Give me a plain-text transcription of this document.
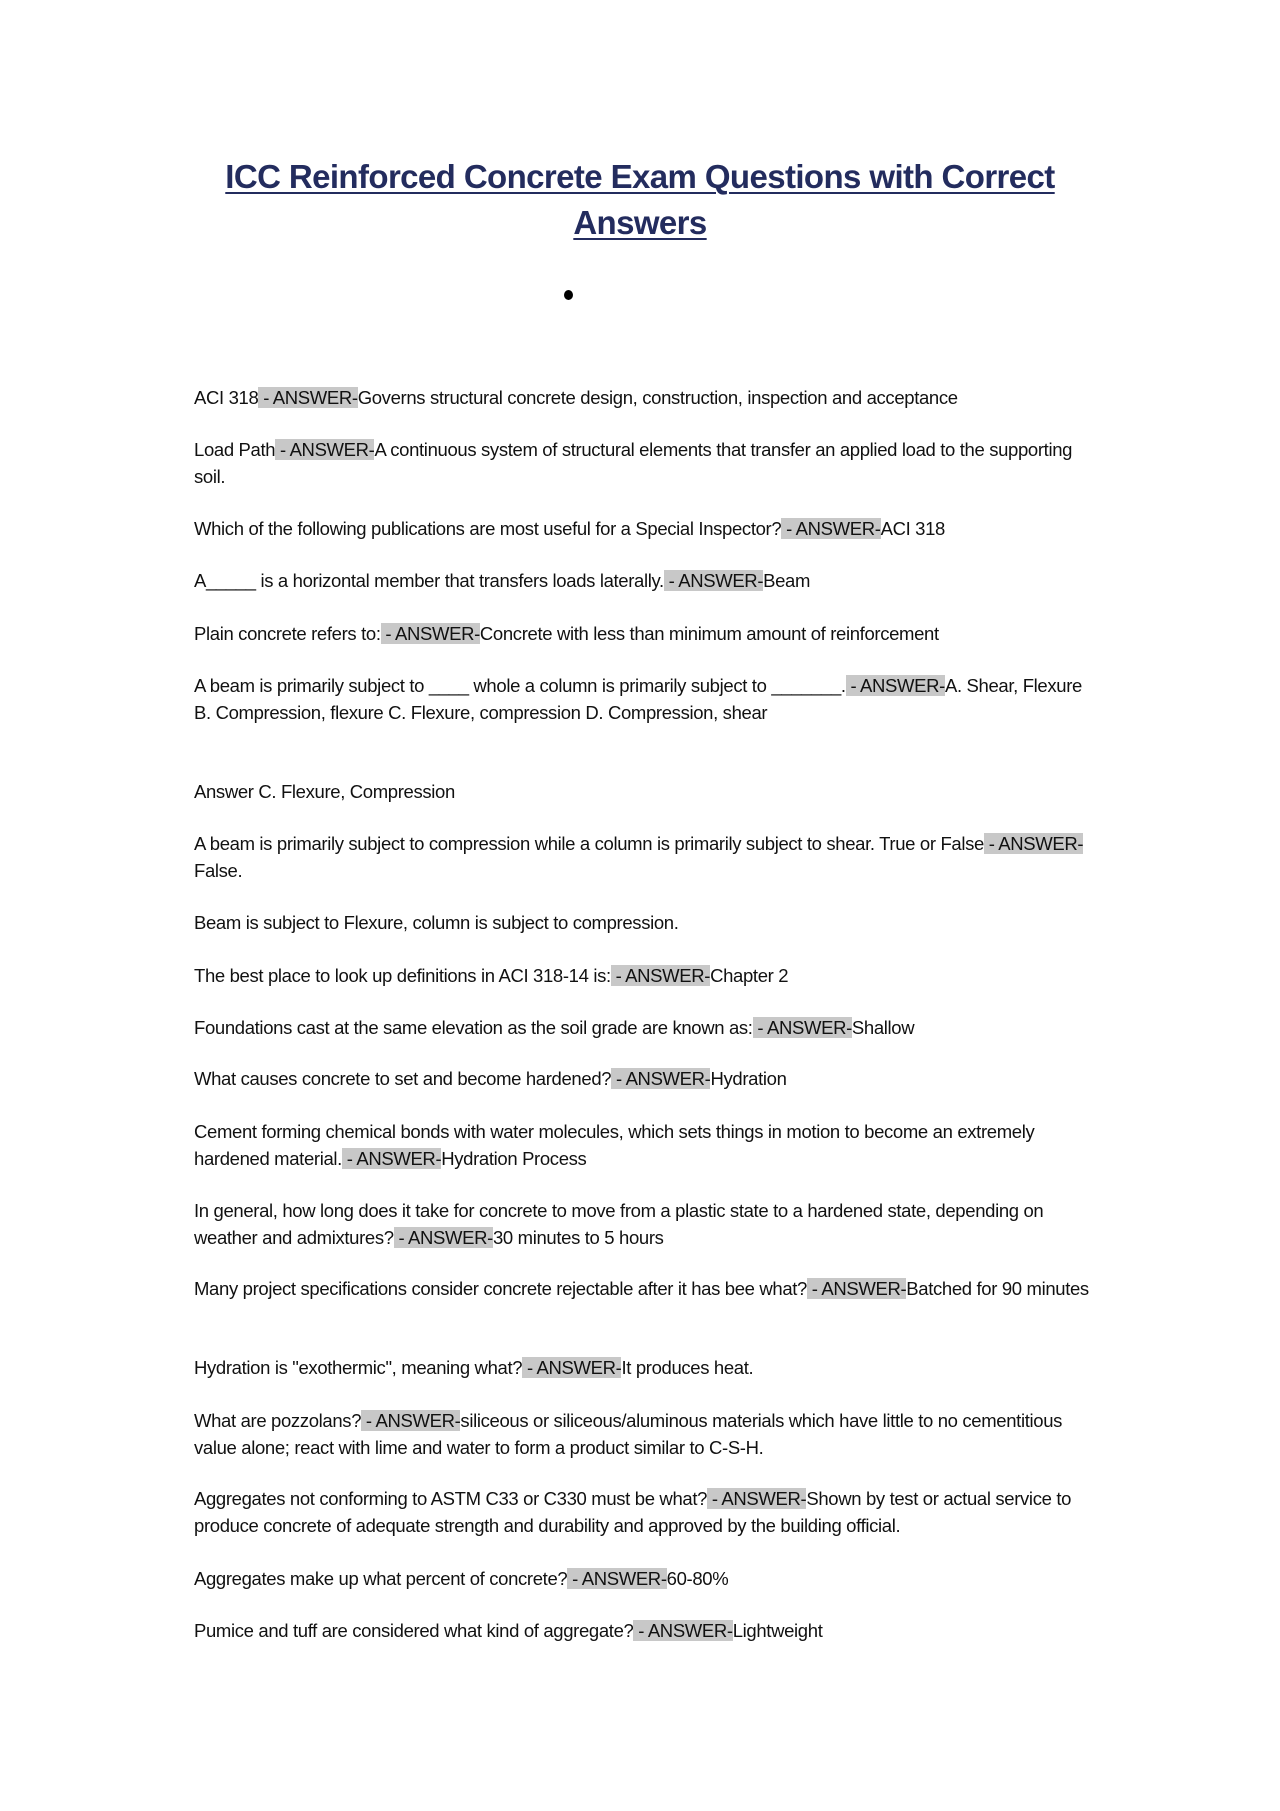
ICC Reinforced Concrete Exam Questions with Correct
Answers
ACI 318 - ANSWER-Governs structural concrete design, construction, inspection and acceptance
Load Path - ANSWER-A continuous system of structural elements that transfer an applied load to the supporting soil.
Which of the following publications are most useful for a Special Inspector? - ANSWER-ACI 318
A_____ is a horizontal member that transfers loads laterally. - ANSWER-Beam
Plain concrete refers to: - ANSWER-Concrete with less than minimum amount of reinforcement
A beam is primarily subject to ____ whole a column is primarily subject to _______. - ANSWER-A. Shear, Flexure B. Compression, flexure C. Flexure, compression D. Compression, shear
A beam is primarily subject to compression while a column is primarily subject to shear. True or False - ANSWER-False.
The best place to look up definitions in ACI 318-14 is: - ANSWER-Chapter 2
Foundations cast at the same elevation as the soil grade are known as: - ANSWER-Shallow
What causes concrete to set and become hardened? - ANSWER-Hydration
Cement forming chemical bonds with water molecules, which sets things in motion to become an extremely hardened material. - ANSWER-Hydration Process
In general, how long does it take for concrete to move from a plastic state to a hardened state, depending on weather and admixtures? - ANSWER-30 minutes to 5 hours
Many project specifications consider concrete rejectable after it has bee what? - ANSWER-Batched for 90 minutes
Hydration is "exothermic", meaning what? - ANSWER-It produces heat.
What are pozzolans? - ANSWER-siliceous or siliceous/aluminous materials which have little to no cementitious value alone; react with lime and water to form a product similar to C-S-H.
Aggregates not conforming to ASTM C33 or C330 must be what? - ANSWER-Shown by test or actual service to produce concrete of adequate strength and durability and approved by the building official.
Aggregates make up what percent of concrete? - ANSWER-60-80%
Pumice and tuff are considered what kind of aggregate? - ANSWER-Lightweight
Answer C. Flexure, Compression
Beam is subject to Flexure, column is subject to compression.
